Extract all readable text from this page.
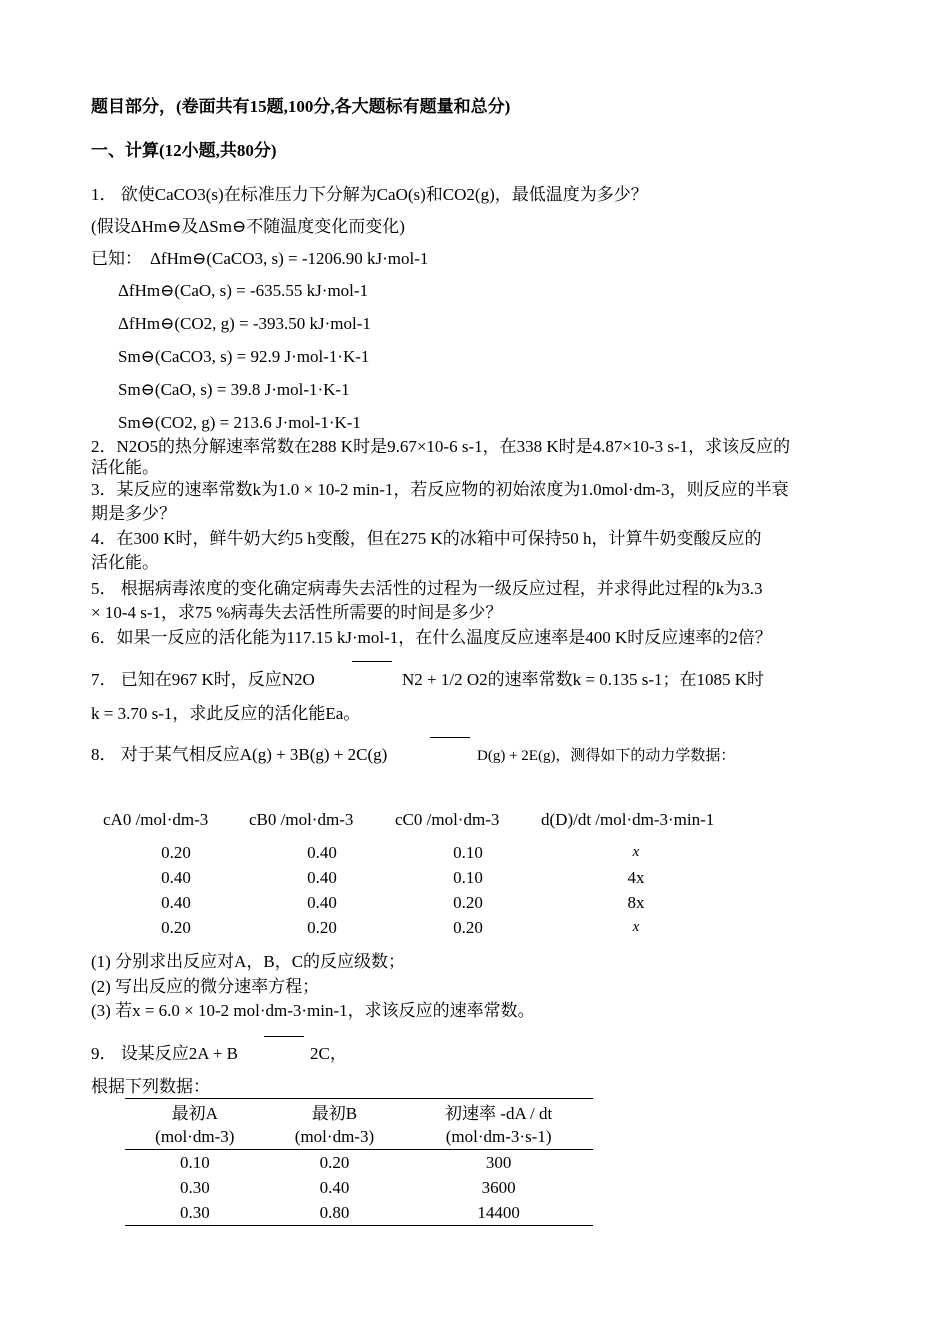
题目部分，(卷面共有15题,100分,各大题标有题量和总分)
一、计算(12小题,共80分)
1． 欲使CaCO3(s)在标准压力下分解为CaO(s)和CO2(g)，最低温度为多少？
(假设ΔHm⊖及ΔSm⊖不随温度变化而变化)
已知： ΔfHm⊖(CaCO3, s) = -1206.90 kJ·mol-1
ΔfHm⊖(CaO, s) = -635.55 kJ·mol-1
ΔfHm⊖(CO2, g) = -393.50 kJ·mol-1
Sm⊖(CaCO3, s) = 92.9 J·mol-1·K-1
Sm⊖(CaO, s) = 39.8 J·mol-1·K-1
Sm⊖(CO2, g) = 213.6 J·mol-1·K-1
2．N2O5的热分解速率常数在288 K时是9.67×10-6 s-1，在338 K时是4.87×10-3 s-1，求该反应的
活化能。
3．某反应的速率常数k为1.0 × 10-2 min-1，若反应物的初始浓度为1.0mol·dm-3，则反应的半衰
期是多少？
4．在300 K时，鲜牛奶大约5 h变酸，但在275 K的冰箱中可保持50 h，计算牛奶变酸反应的
活化能。
5． 根据病毒浓度的变化确定病毒失去活性的过程为一级反应过程，并求得此过程的k为3.3
× 10-4 s-1，求75 %病毒失去活性所需要的时间是多少？
6．如果一反应的活化能为117.15 kJ·mol-1，在什么温度反应速率是400 K时反应速率的2倍？
7． 已知在967 K时，反应N2O	N2 + 1/2 O2的速率常数k = 0.135 s-1；在1085 K时
k = 3.70 s-1，求此反应的活化能Ea。
8． 对于某气相反应A(g) + 3B(g) + 2C(g)	D(g) + 2E(g)，测得如下的动力学数据：
cA0 /mol·dm-3	cB0 /mol·dm-3	cC0 /mol·dm-3	d(D)/dt /mol·dm-3·min-1
0.20	0.40	0.10	x
0.40	0.40	0.10	4x
0.40	0.40	0.20	8x
0.20	0.20	0.20	x
(1) 分别求出反应对A，B，C的反应级数；
(2) 写出反应的微分速率方程；
(3) 若x = 6.0 × 10-2 mol·dm-3·min-1，求该反应的速率常数。
9． 设某反应2A + B	2C，
根据下列数据：
最初A	最初B	初速率 -dA / dt
(mol·dm-3)	(mol·dm-3)	(mol·dm-3·s-1)
0.10	0.20	300
0.30	0.40	3600
0.30	0.80	14400
